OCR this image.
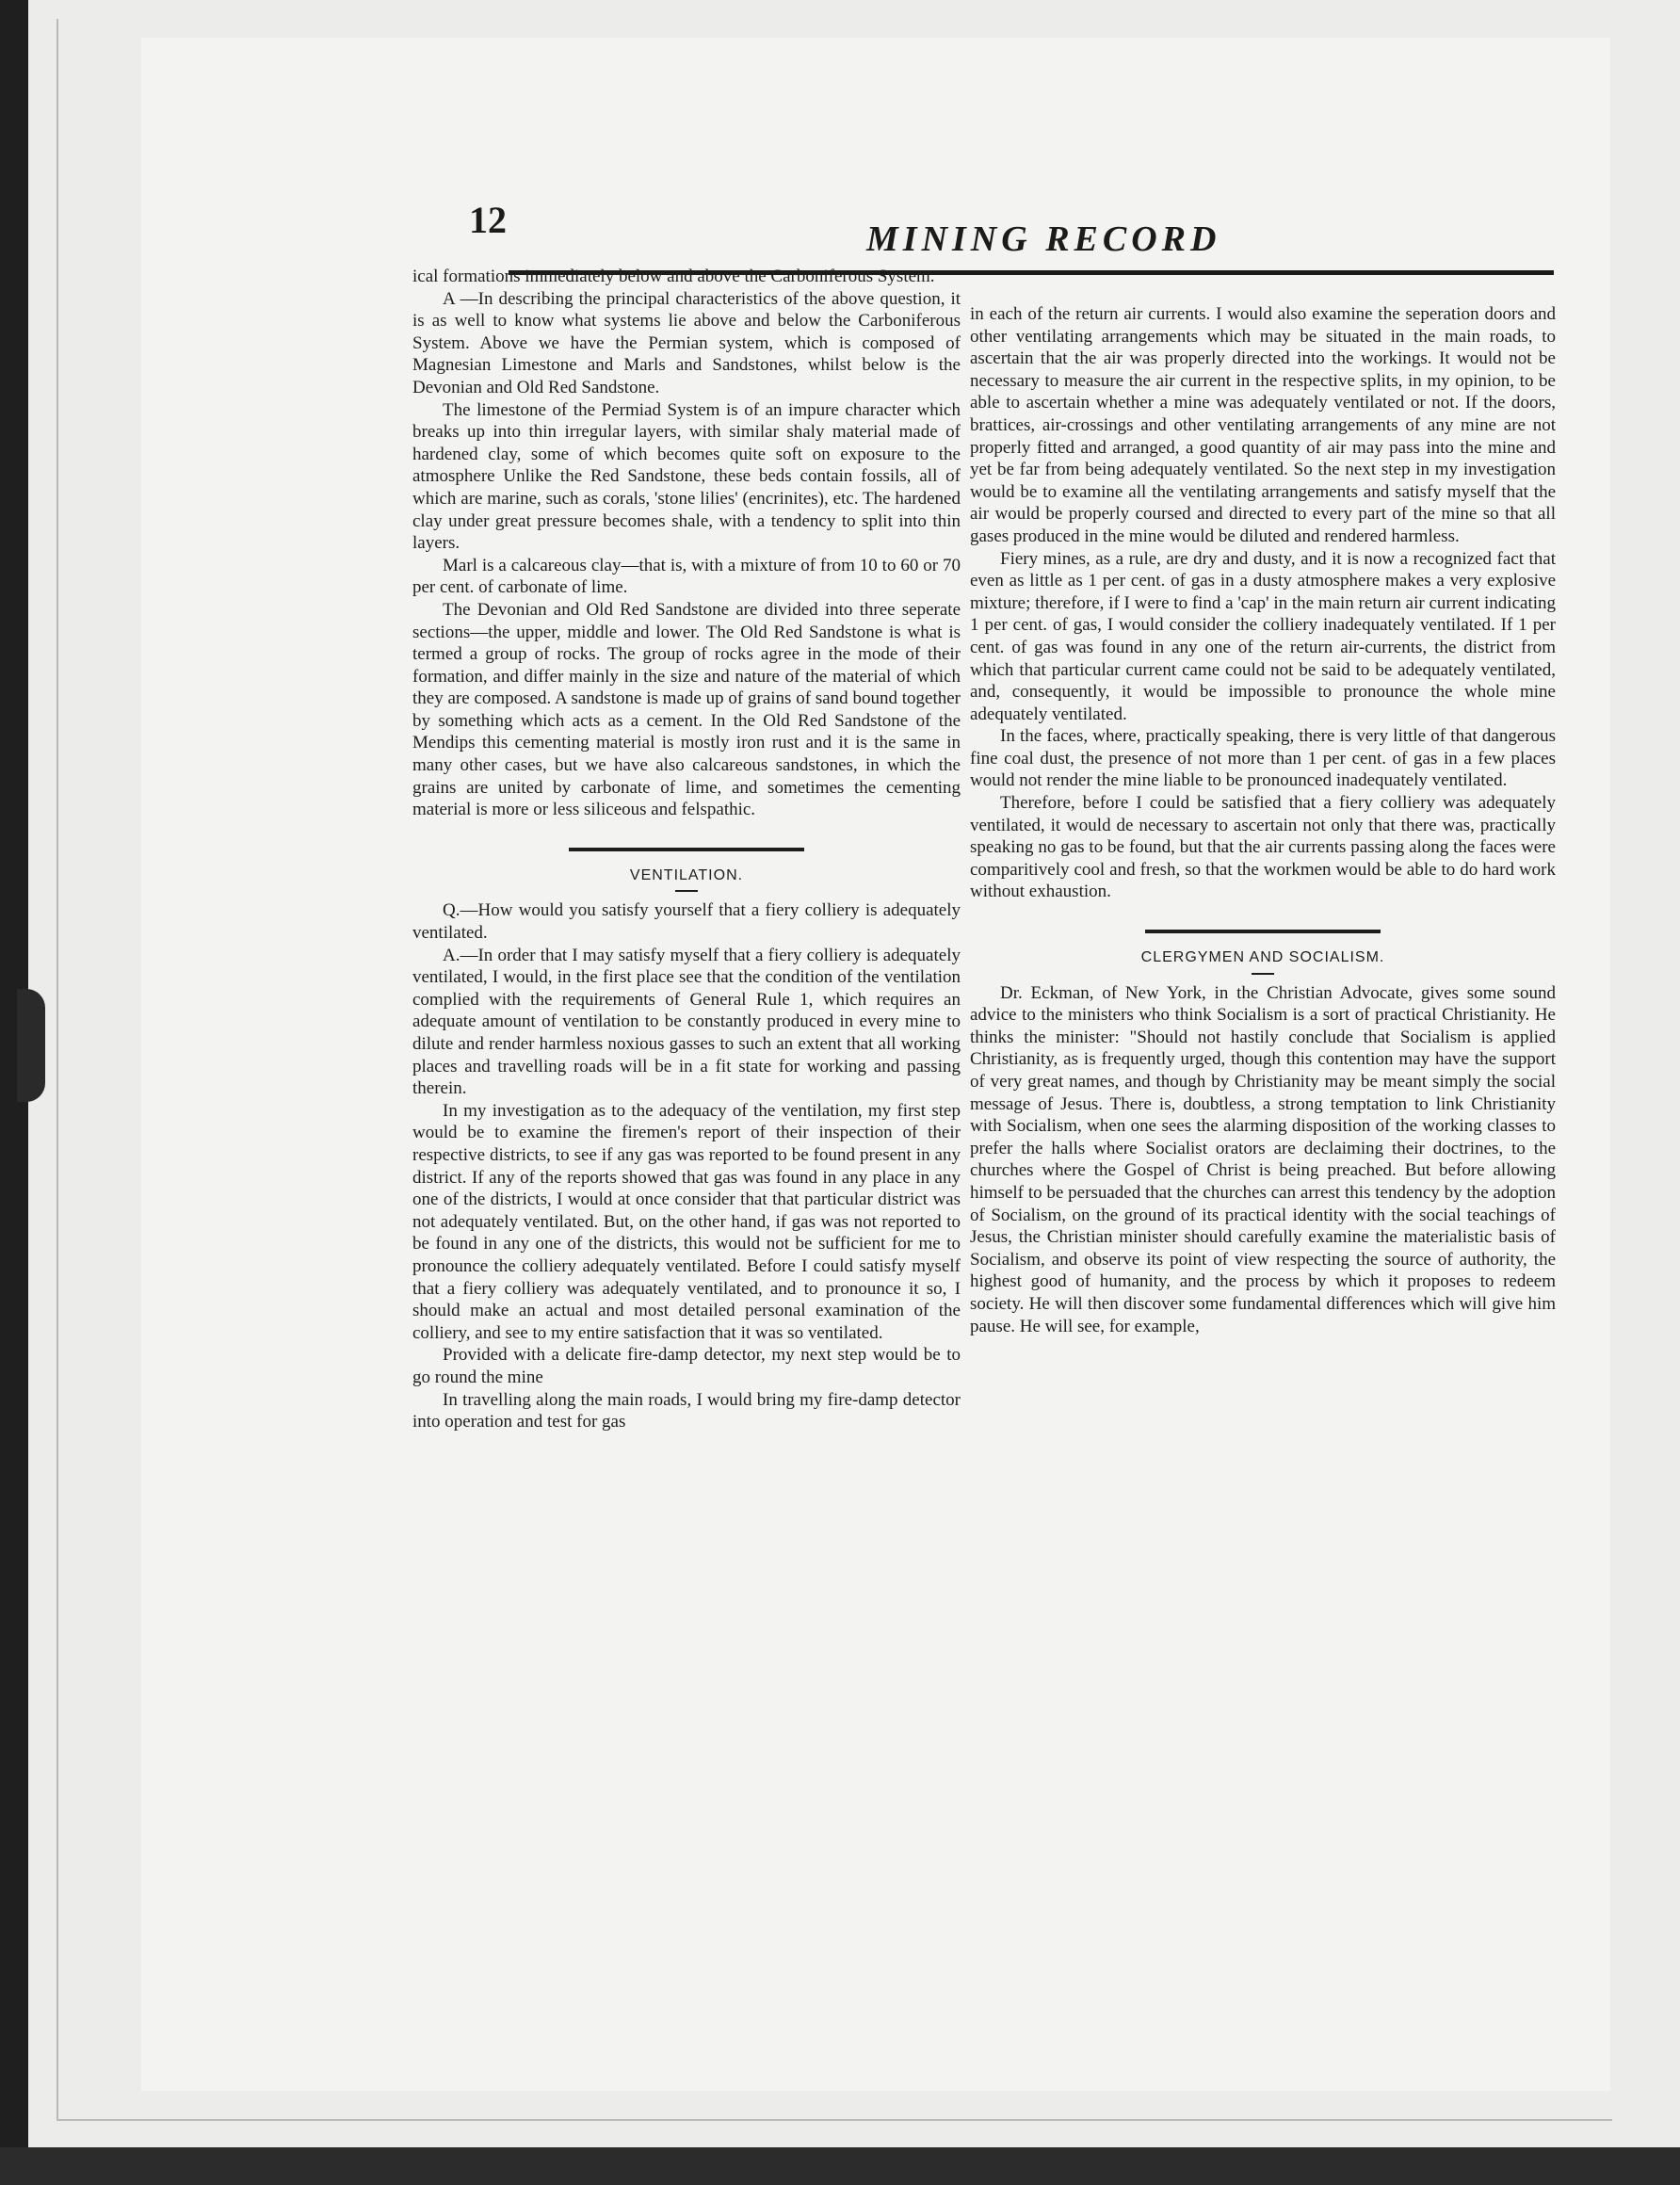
12	MINING RECORD

ical formations immediately below and above the Carboniferous System.

A —In describing the principal characteristics of the above question, it is as well to know what systems lie above and below the Carboniferous System. Above we have the Permian system, which is composed of Magnesian Limestone and Marls and Sandstones, whilst below is the Devonian and Old Red Sandstone.

The limestone of the Permiad System is of an impure character which breaks up into thin irregular layers, with similar shaly material made of hardened clay, some of which becomes quite soft on exposure to the atmosphere Unlike the Red Sandstone, these beds contain fossils, all of which are marine, such as corals, 'stone lilies' (encrinites), etc. The hardened clay under great pressure becomes shale, with a tendency to split into thin layers.

Marl is a calcareous clay—that is, with a mixture of from 10 to 60 or 70 per cent. of carbonate of lime.

The Devonian and Old Red Sandstone are divided into three seperate sections—the upper, middle and lower. The Old Red Sandstone is what is termed a group of rocks. The group of rocks agree in the mode of their formation, and differ mainly in the size and nature of the material of which they are composed. A sandstone is made up of grains of sand bound together by something which acts as a cement. In the Old Red Sandstone of the Mendips this cementing material is mostly iron rust and it is the same in many other cases, but we have also calcareous sandstones, in which the grains are united by carbonate of lime, and sometimes the cementing material is more or less siliceous and felspathic.

VENTILATION.

Q.—How would you satisfy yourself that a fiery colliery is adequately ventilated.

A.—In order that I may satisfy myself that a fiery colliery is adequately ventilated, I would, in the first place see that the condition of the ventilation complied with the requirements of General Rule 1, which requires an adequate amount of ventilation to be constantly produced in every mine to dilute and render harmless noxious gasses to such an extent that all working places and travelling roads will be in a fit state for working and passing therein.

In my investigation as to the adequacy of the ventilation, my first step would be to examine the firemen's report of their inspection of their respective districts, to see if any gas was reported to be found present in any district. If any of the reports showed that gas was found in any place in any one of the districts, I would at once consider that that particular district was not adequately ventilated. But, on the other hand, if gas was not reported to be found in any one of the districts, this would not be sufficient for me to pronounce the colliery adequately ventilated. Before I could satisfy myself that a fiery colliery was adequately ventilated, and to pronounce it so, I should make an actual and most detailed personal examination of the colliery, and see to my entire satisfaction that it was so ventilated.

Provided with a delicate fire-damp detector, my next step would be to go round the mine

In travelling along the main roads, I would bring my fire-damp detector into operation and test for gas

in each of the return air currents. I would also examine the seperation doors and other ventilating arrangements which may be situated in the main roads, to ascertain that the air was properly directed into the workings. It would not be necessary to measure the air current in the respective splits, in my opinion, to be able to ascertain whether a mine was adequately ventilated or not. If the doors, brattices, air-crossings and other ventilating arrangements of any mine are not properly fitted and arranged, a good quantity of air may pass into the mine and yet be far from being adequately ventilated. So the next step in my investigation would be to examine all the ventilating arrangements and satisfy myself that the air would be properly coursed and directed to every part of the mine so that all gases produced in the mine would be diluted and rendered harmless.

Fiery mines, as a rule, are dry and dusty, and it is now a recognized fact that even as little as 1 per cent. of gas in a dusty atmosphere makes a very explosive mixture; therefore, if I were to find a 'cap' in the main return air current indicating 1 per cent. of gas, I would consider the colliery inadequately ventilated. If 1 per cent. of gas was found in any one of the return air-currents, the district from which that particular current came could not be said to be adequately ventilated, and, consequently, it would be impossible to pronounce the whole mine adequately ventilated.

In the faces, where, practically speaking, there is very little of that dangerous fine coal dust, the presence of not more than 1 per cent. of gas in a few places would not render the mine liable to be pronounced inadequately ventilated.

Therefore, before I could be satisfied that a fiery colliery was adequately ventilated, it would de necessary to ascertain not only that there was, practically speaking no gas to be found, but that the air currents passing along the faces were comparitively cool and fresh, so that the workmen would be able to do hard work without exhaustion.

CLERGYMEN AND SOCIALISM.

Dr. Eckman, of New York, in the Christian Advocate, gives some sound advice to the ministers who think Socialism is a sort of practical Christianity. He thinks the minister: "Should not hastily conclude that Socialism is applied Christianity, as is frequently urged, though this contention may have the support of very great names, and though by Christianity may be meant simply the social message of Jesus. There is, doubtless, a strong temptation to link Christianity with Socialism, when one sees the alarming disposition of the working classes to prefer the halls where Socialist orators are declaiming their doctrines, to the churches where the Gospel of Christ is being preached. But before allowing himself to be persuaded that the churches can arrest this tendency by the adoption of Socialism, on the ground of its practical identity with the social teachings of Jesus, the Christian minister should carefully examine the materialistic basis of Socialism, and observe its point of view respecting the source of authority, the highest good of humanity, and the process by which it proposes to redeem society. He will then discover some fundamental differences which will give him pause. He will see, for example,
